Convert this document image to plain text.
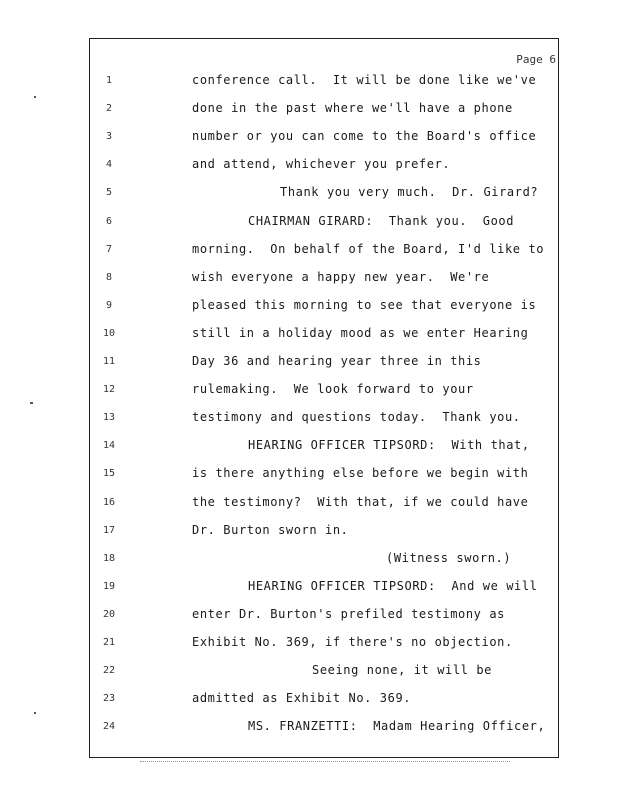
Page 6
1	conference call.  It will be done like we've
2	done in the past where we'll have a phone
3	number or you can come to the Board's office
4	and attend, whichever you prefer.
5	Thank you very much.  Dr. Girard?
6	CHAIRMAN GIRARD:  Thank you.  Good
7	morning.  On behalf of the Board, I'd like to
8	wish everyone a happy new year.  We're
9	pleased this morning to see that everyone is
10	still in a holiday mood as we enter Hearing
11	Day 36 and hearing year three in this
12	rulemaking.  We look forward to your
13	testimony and questions today.  Thank you.
14	HEARING OFFICER TIPSORD:  With that,
15	is there anything else before we begin with
16	the testimony?  With that, if we could have
17	Dr. Burton sworn in.
18	(Witness sworn.)
19	HEARING OFFICER TIPSORD:  And we will
20	enter Dr. Burton's prefiled testimony as
21	Exhibit No. 369, if there's no objection.
22	Seeing none, it will be
23	admitted as Exhibit No. 369.
24	MS. FRANZETTI:  Madam Hearing Officer,
